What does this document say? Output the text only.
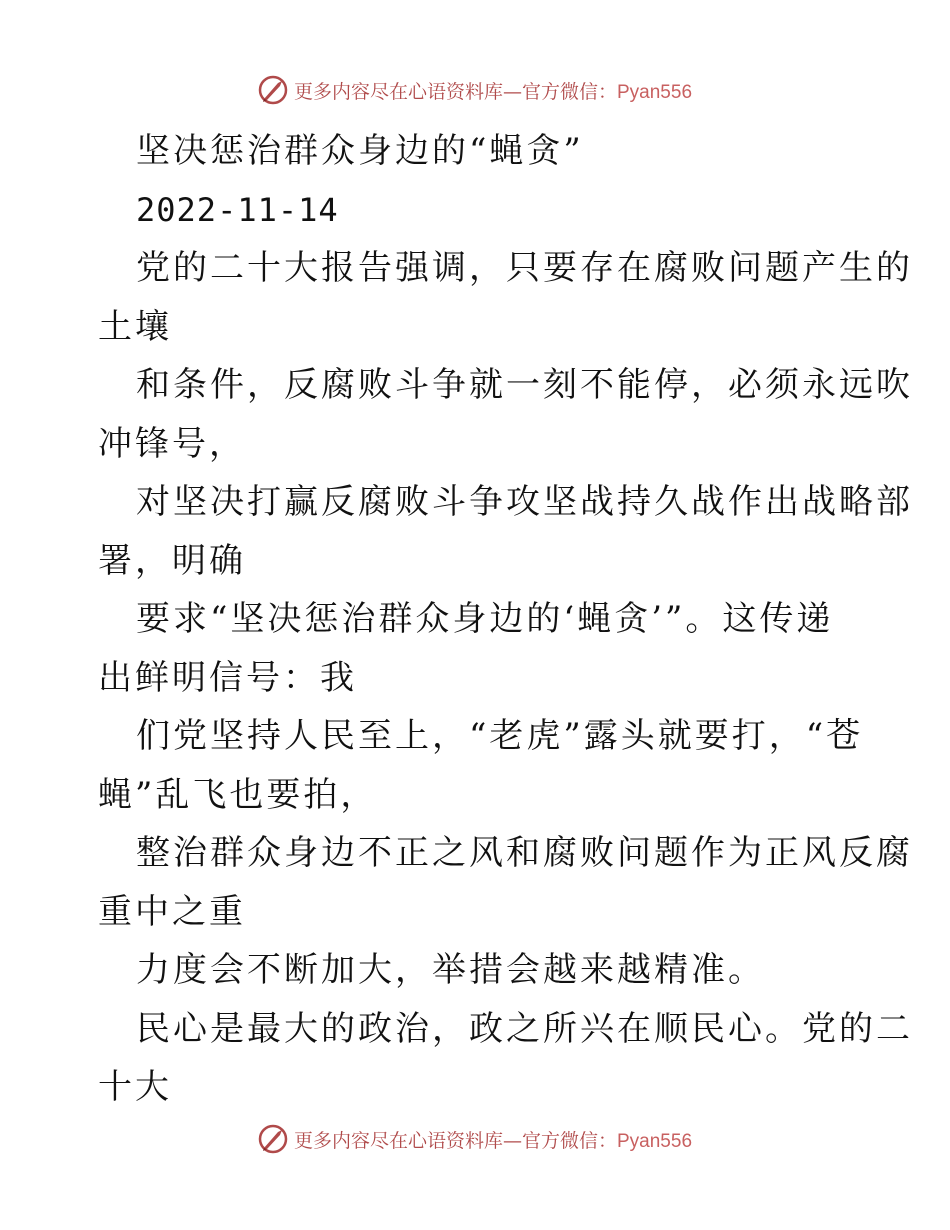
更多内容尽在心语资料库—官方微信：Pyan556
坚决惩治群众身边的“蝇贪”
2022-11-14
党的二十大报告强调，只要存在腐败问题产生的
土壤
和条件，反腐败斗争就一刻不能停，必须永远吹
冲锋号，
对坚决打赢反腐败斗争攻坚战持久战作出战略部
署，明确
要求“坚决惩治群众身边的‘蝇贪’”。这传递
出鲜明信号：我
们党坚持人民至上，“老虎”露头就要打，“苍
蝇”乱飞也要拍，
整治群众身边不正之风和腐败问题作为正风反腐
重中之重
力度会不断加大，举措会越来越精准。
民心是最大的政治，政之所兴在顺民心。党的二
十大
更多内容尽在心语资料库—官方微信：Pyan556
